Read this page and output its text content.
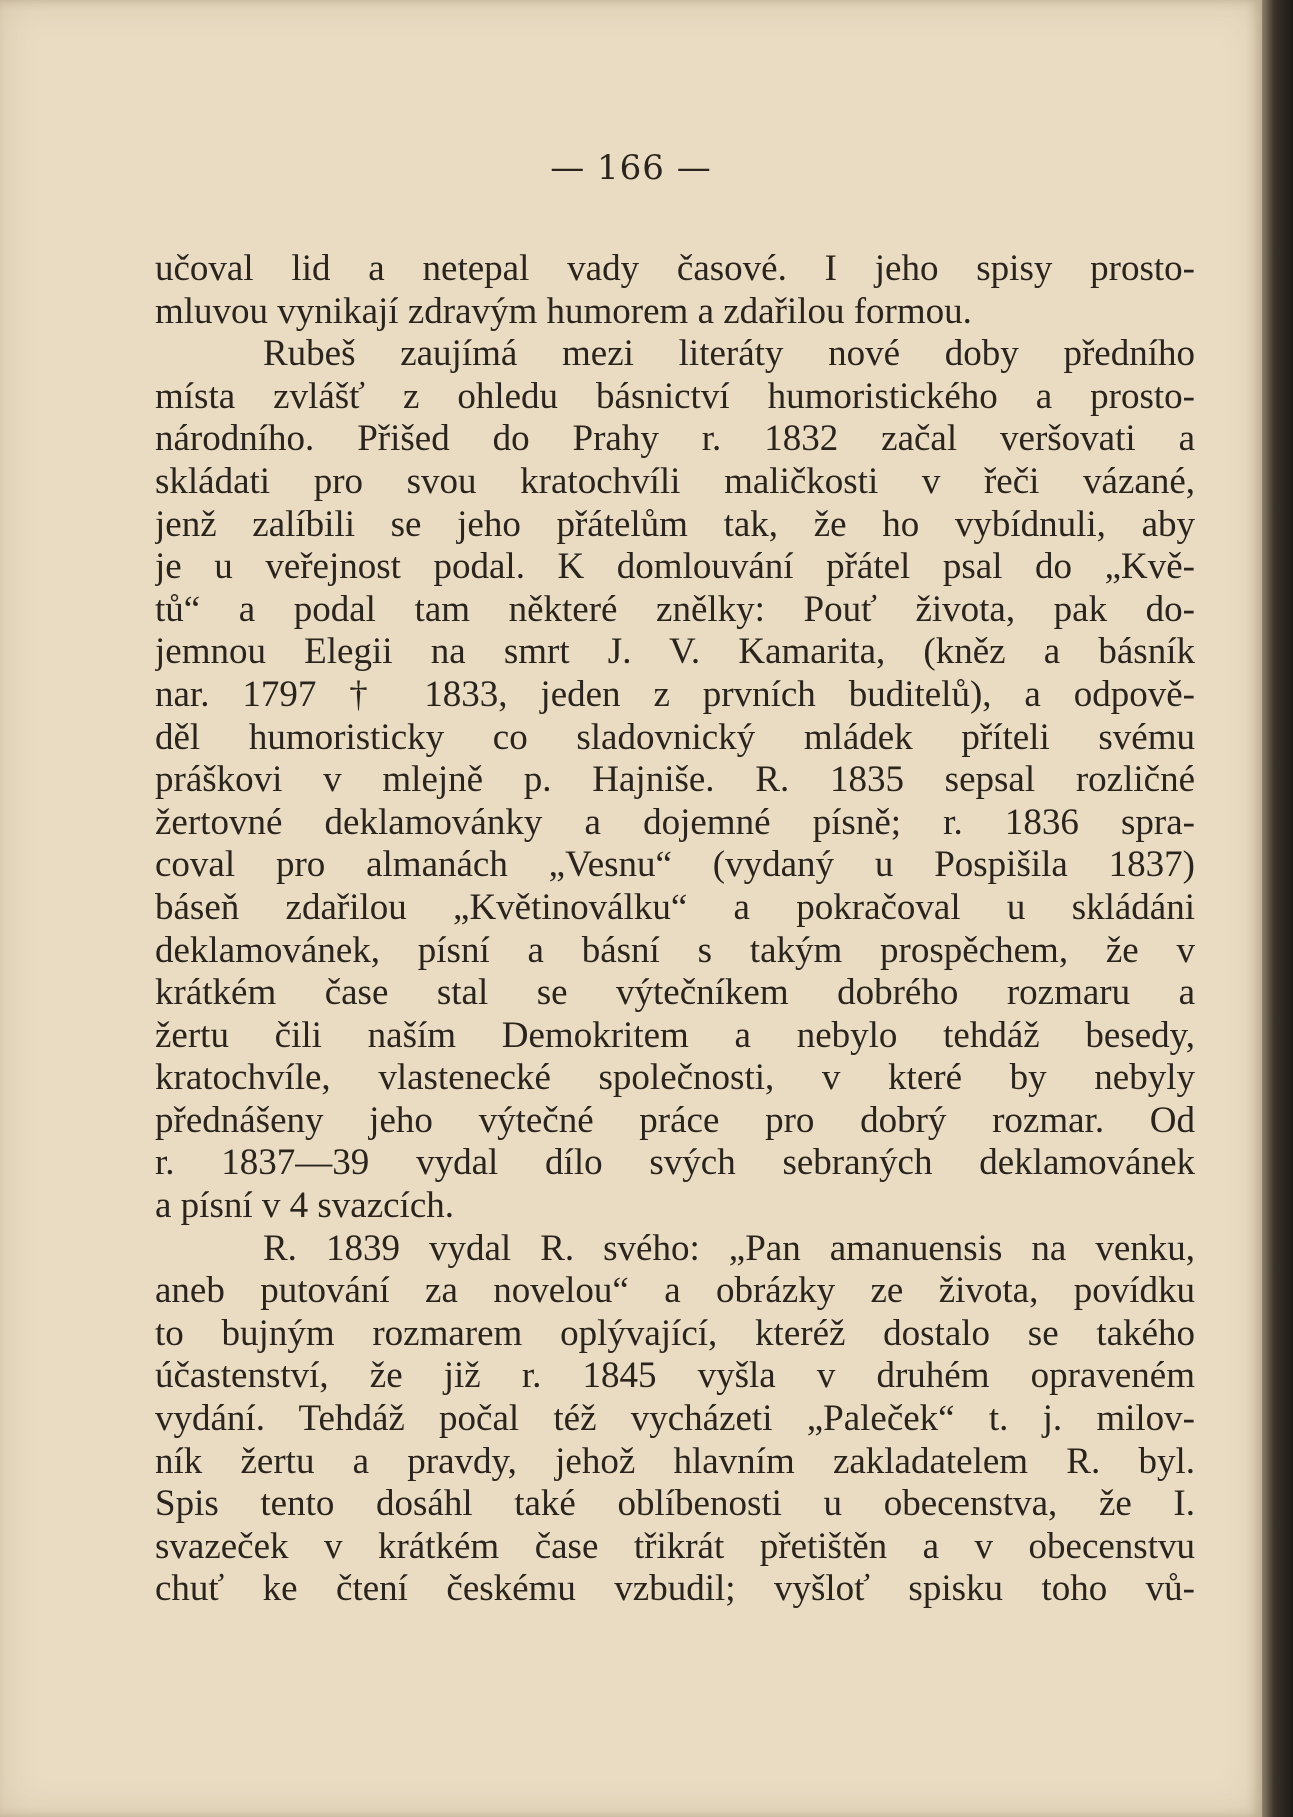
— 166 —
učoval lid a netepal vady časové. I jeho spisy prosto-
mluvou vynikají zdravým humorem a zdařilou formou.
Rubeš zaujímá mezi literáty nové doby předního
místa zvlášť z ohledu básnictví humoristického a prosto-
národního. Přišed do Prahy r. 1832 začal veršovati a
skládati pro svou kratochvíli maličkosti v řeči vázané,
jenž zalíbili se jeho přátelům tak, že ho vybídnuli, aby
je u veřejnost podal. K domlouvání přátel psal do „Kvě-
tů“ a podal tam některé znělky: Pouť života, pak do-
jemnou Elegii na smrt J. V. Kamarita, (kněz a básník
nar. 1797 † 1833, jeden z prvních buditelů), a odpově-
děl humoristicky co sladovnický mládek příteli svému
práškovi v mlejně p. Hajniše. R. 1835 sepsal rozličné
žertovné deklamovánky a dojemné písně; r. 1836 spra-
coval pro almanách „Vesnu“ (vydaný u Pospišila 1837)
báseň zdařilou „Květinoválku“ a pokračoval u skládáni
deklamovánek, písní a básní s takým prospěchem, že v
krátkém čase stal se výtečníkem dobrého rozmaru a
žertu čili naším Demokritem a nebylo tehdáž besedy,
kratochvíle, vlastenecké společnosti, v které by nebyly
přednášeny jeho výtečné práce pro dobrý rozmar. Od
r. 1837—39 vydal dílo svých sebraných deklamovánek
a písní v 4 svazcích.
R. 1839 vydal R. svého: „Pan amanuensis na venku,
aneb putování za novelou“ a obrázky ze života, povídku
to bujným rozmarem oplývající, kteréž dostalo se takého
účastenství, že již r. 1845 vyšla v druhém opraveném
vydání. Tehdáž počal též vycházeti „Paleček“ t. j. milov-
ník žertu a pravdy, jehož hlavním zakladatelem R. byl.
Spis tento dosáhl také oblíbenosti u obecenstva, že I.
svazeček v krátkém čase třikrát přetištěn a v obecenstvu
chuť ke čtení českému vzbudil; vyšloť spisku toho vů-
